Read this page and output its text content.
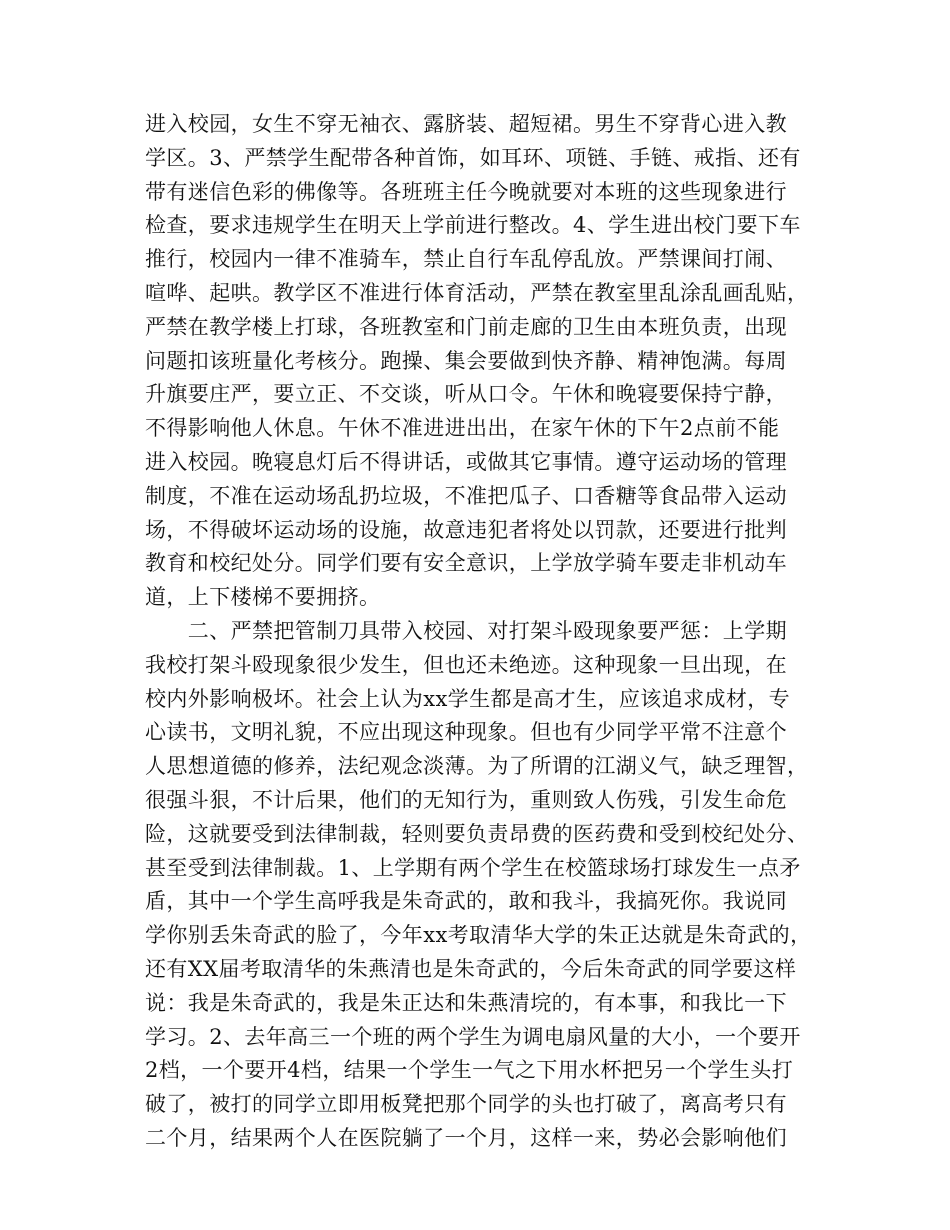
进入校园，女生不穿无袖衣、露脐装、超短裙。男生不穿背心进入教
学区。3、严禁学生配带各种首饰，如耳环、项链、手链、戒指、还有
带有迷信色彩的佛像等。各班班主任今晚就要对本班的这些现象进行
检查，要求违规学生在明天上学前进行整改。4、学生进出校门要下车
推行，校园内一律不准骑车，禁止自行车乱停乱放。严禁课间打闹、
喧哗、起哄。教学区不准进行体育活动，严禁在教室里乱涂乱画乱贴，
严禁在教学楼上打球，各班教室和门前走廊的卫生由本班负责，出现
问题扣该班量化考核分。跑操、集会要做到快齐静、精神饱满。每周
升旗要庄严，要立正、不交谈，听从口令。午休和晚寝要保持宁静，
不得影响他人休息。午休不准进进出出，在家午休的下午2点前不能
进入校园。晚寝息灯后不得讲话，或做其它事情。遵守运动场的管理
制度，不准在运动场乱扔垃圾，不准把瓜子、口香糖等食品带入运动
场，不得破坏运动场的设施，故意违犯者将处以罚款，还要进行批判
教育和校纪处分。同学们要有安全意识，上学放学骑车要走非机动车
道，上下楼梯不要拥挤。
　　二、严禁把管制刀具带入校园、对打架斗殴现象要严惩：上学期
我校打架斗殴现象很少发生，但也还未绝迹。这种现象一旦出现，在
校内外影响极坏。社会上认为xx学生都是高才生，应该追求成材，专
心读书，文明礼貌，不应出现这种现象。但也有少同学平常不注意个
人思想道德的修养，法纪观念淡薄。为了所谓的江湖义气，缺乏理智，
很强斗狠，不计后果，他们的无知行为，重则致人伤残，引发生命危
险，这就要受到法律制裁，轻则要负责昂费的医药费和受到校纪处分、
甚至受到法律制裁。1、上学期有两个学生在校篮球场打球发生一点矛
盾，其中一个学生高呼我是朱奇武的，敢和我斗，我搞死你。我说同
学你别丢朱奇武的脸了，今年xx考取清华大学的朱正达就是朱奇武的，
还有XX届考取清华的朱燕清也是朱奇武的，今后朱奇武的同学要这样
说：我是朱奇武的，我是朱正达和朱燕清垸的，有本事，和我比一下
学习。2、去年高三一个班的两个学生为调电扇风量的大小，一个要开
2档，一个要开4档，结果一个学生一气之下用水杯把另一个学生头打
破了，被打的同学立即用板凳把那个同学的头也打破了，离高考只有
二个月，结果两个人在医院躺了一个月，这样一来，势必会影响他们
